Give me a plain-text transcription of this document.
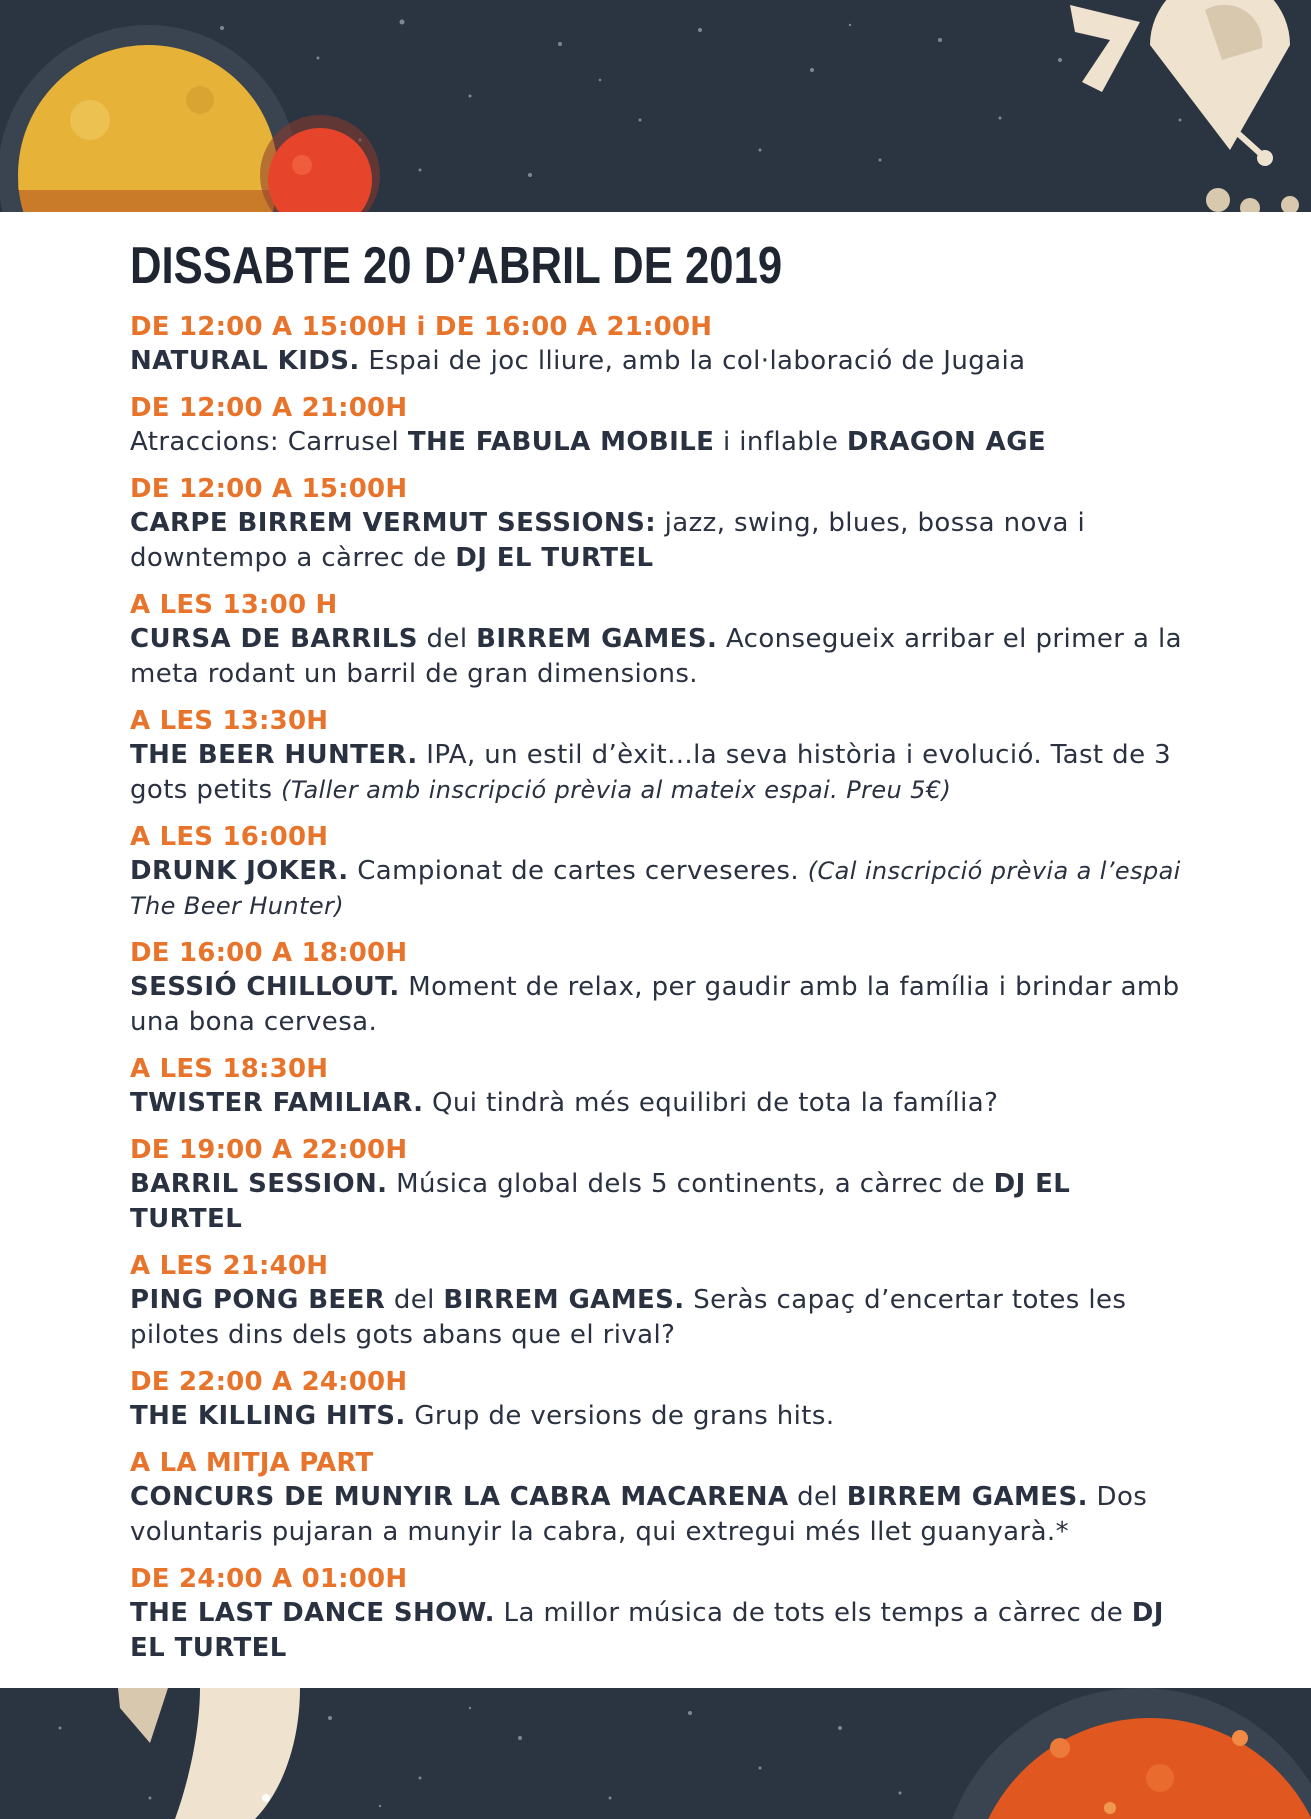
DISSABTE 20 D’ABRIL DE 2019
DE 12:00 A 15:00H i DE 16:00 A 21:00H

NATURAL KIDS. Espai de joc lliure, amb la col·laboració de Jugaia

DE 12:00 A 21:00H

Atraccions: Carrusel THE FABULA MOBILE i inflable DRAGON AGE

DE 12:00 A 15:00H

CARPE BIRREM VERMUT SESSIONS: jazz, swing, blues, bossa nova i downtempo a càrrec de DJ EL TURTEL

A LES 13:00 H

CURSA DE BARRILS del BIRREM GAMES. Aconsegueix arribar el primer a la meta rodant un barril de gran dimensions.

A LES 13:30H

THE BEER HUNTER. IPA, un estil d’èxit...la seva història i evolució. Tast de 3 gots petits (Taller amb inscripció prèvia al mateix espai. Preu 5€)

A LES 16:00H

DRUNK JOKER. Campionat de cartes cerveseres. (Cal inscripció prèvia a l’espai The Beer Hunter)

DE 16:00 A 18:00H

SESSIÓ CHILLOUT. Moment de relax, per gaudir amb la família i brindar amb una bona cervesa.

A LES 18:30H

TWISTER FAMILIAR. Qui tindrà més equilibri de tota la família?

DE 19:00 A 22:00H

BARRIL SESSION. Música global dels 5 continents, a càrrec de DJ EL TURTEL

A LES 21:40H

PING PONG BEER del BIRREM GAMES. Seràs capaç d’encertar totes les pilotes dins dels gots abans que el rival?

DE 22:00 A 24:00H

THE KILLING HITS. Grup de versions de grans hits.

A LA MITJA PART

CONCURS DE MUNYIR LA CABRA MACARENA del BIRREM GAMES. Dos voluntaris pujaran a munyir la cabra, qui extregui més llet guanyarà.*

DE 24:00 A 01:00H

THE LAST DANCE SHOW. La millor música de tots els temps a càrrec de DJ EL TURTEL
